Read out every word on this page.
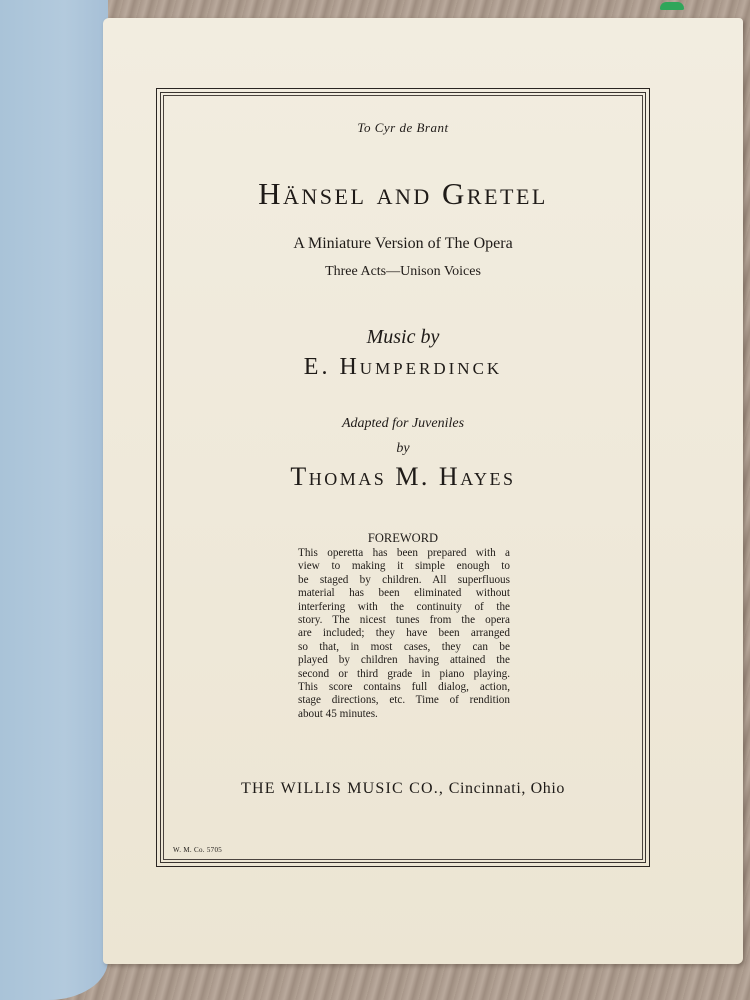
To Cyr de Brant
Hänsel and Gretel
A Miniature Version of The Opera
Three Acts—Unison Voices
Music by
E. Humperdinck
Adapted for Juveniles
by
Thomas M. Hayes
FOREWORD
This operetta has been prepared with a
view to making it simple enough to
be staged by children. All superfluous
material has been eliminated without
interfering with the continuity of the
story. The nicest tunes from the opera
are included; they have been arranged
so that, in most cases, they can be
played by children having attained the
second or third grade in piano playing.
This score contains full dialog, action,
stage directions, etc. Time of rendition
about 45 minutes.
THE WILLIS MUSIC CO., Cincinnati, Ohio
W. M. Co. 5705
